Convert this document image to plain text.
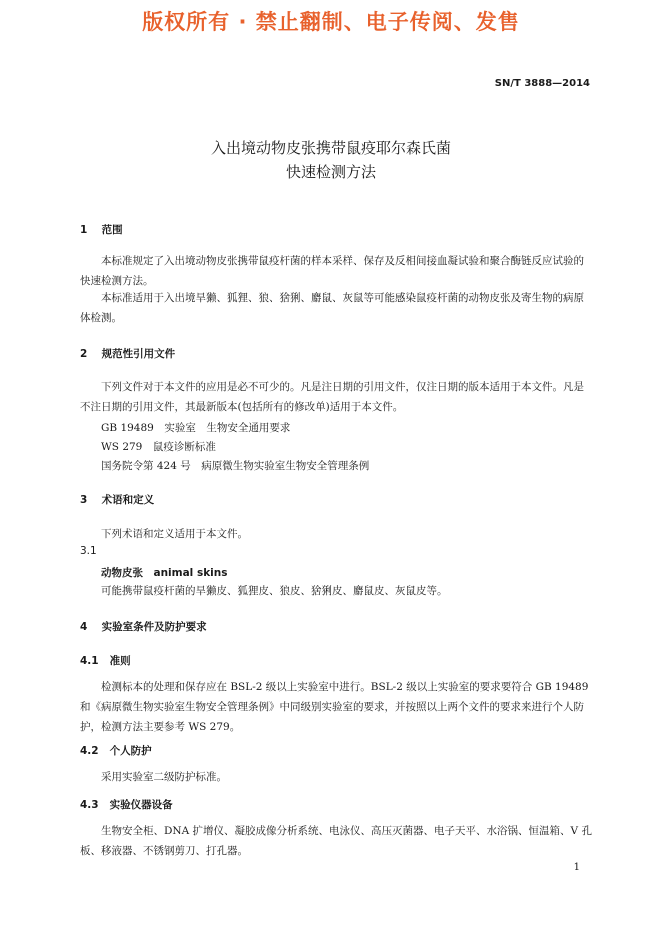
版权所有 · 禁止翻制、电子传阅、发售
SN/T 3888—2014
入出境动物皮张携带鼠疫耶尔森氏菌
快速检测方法
1 范围
本标准规定了入出境动物皮张携带鼠疫杆菌的样本采样、保存及反相间接血凝试验和聚合酶链反应试验的快速检测方法。
本标准适用于入出境旱獭、狐狸、狼、猞猁、麝鼠、灰鼠等可能感染鼠疫杆菌的动物皮张及寄生物的病原体检测。
2 规范性引用文件
下列文件对于本文件的应用是必不可少的。凡是注日期的引用文件，仅注日期的版本适用于本文件。凡是不注日期的引用文件，其最新版本(包括所有的修改单)适用于本文件。
GB 19489　实验室　生物安全通用要求
WS 279　鼠疫诊断标准
国务院令第 424 号　病原微生物实验室生物安全管理条例
3 术语和定义
下列术语和定义适用于本文件。
3.1
动物皮张　animal skins
可能携带鼠疫杆菌的旱獭皮、狐狸皮、狼皮、猞猁皮、麝鼠皮、灰鼠皮等。
4 实验室条件及防护要求
4.1 准则
检测标本的处理和保存应在 BSL-2 级以上实验室中进行。BSL-2 级以上实验室的要求要符合 GB 19489 和《病原微生物实验室生物安全管理条例》中同级别实验室的要求，并按照以上两个文件的要求来进行个人防护，检测方法主要参考 WS 279。
4.2 个人防护
采用实验室二级防护标准。
4.3 实验仪器设备
生物安全柜、DNA 扩增仪、凝胶成像分析系统、电泳仪、高压灭菌器、电子天平、水浴锅、恒温箱、V 孔板、移液器、不锈钢剪刀、打孔器。
1
